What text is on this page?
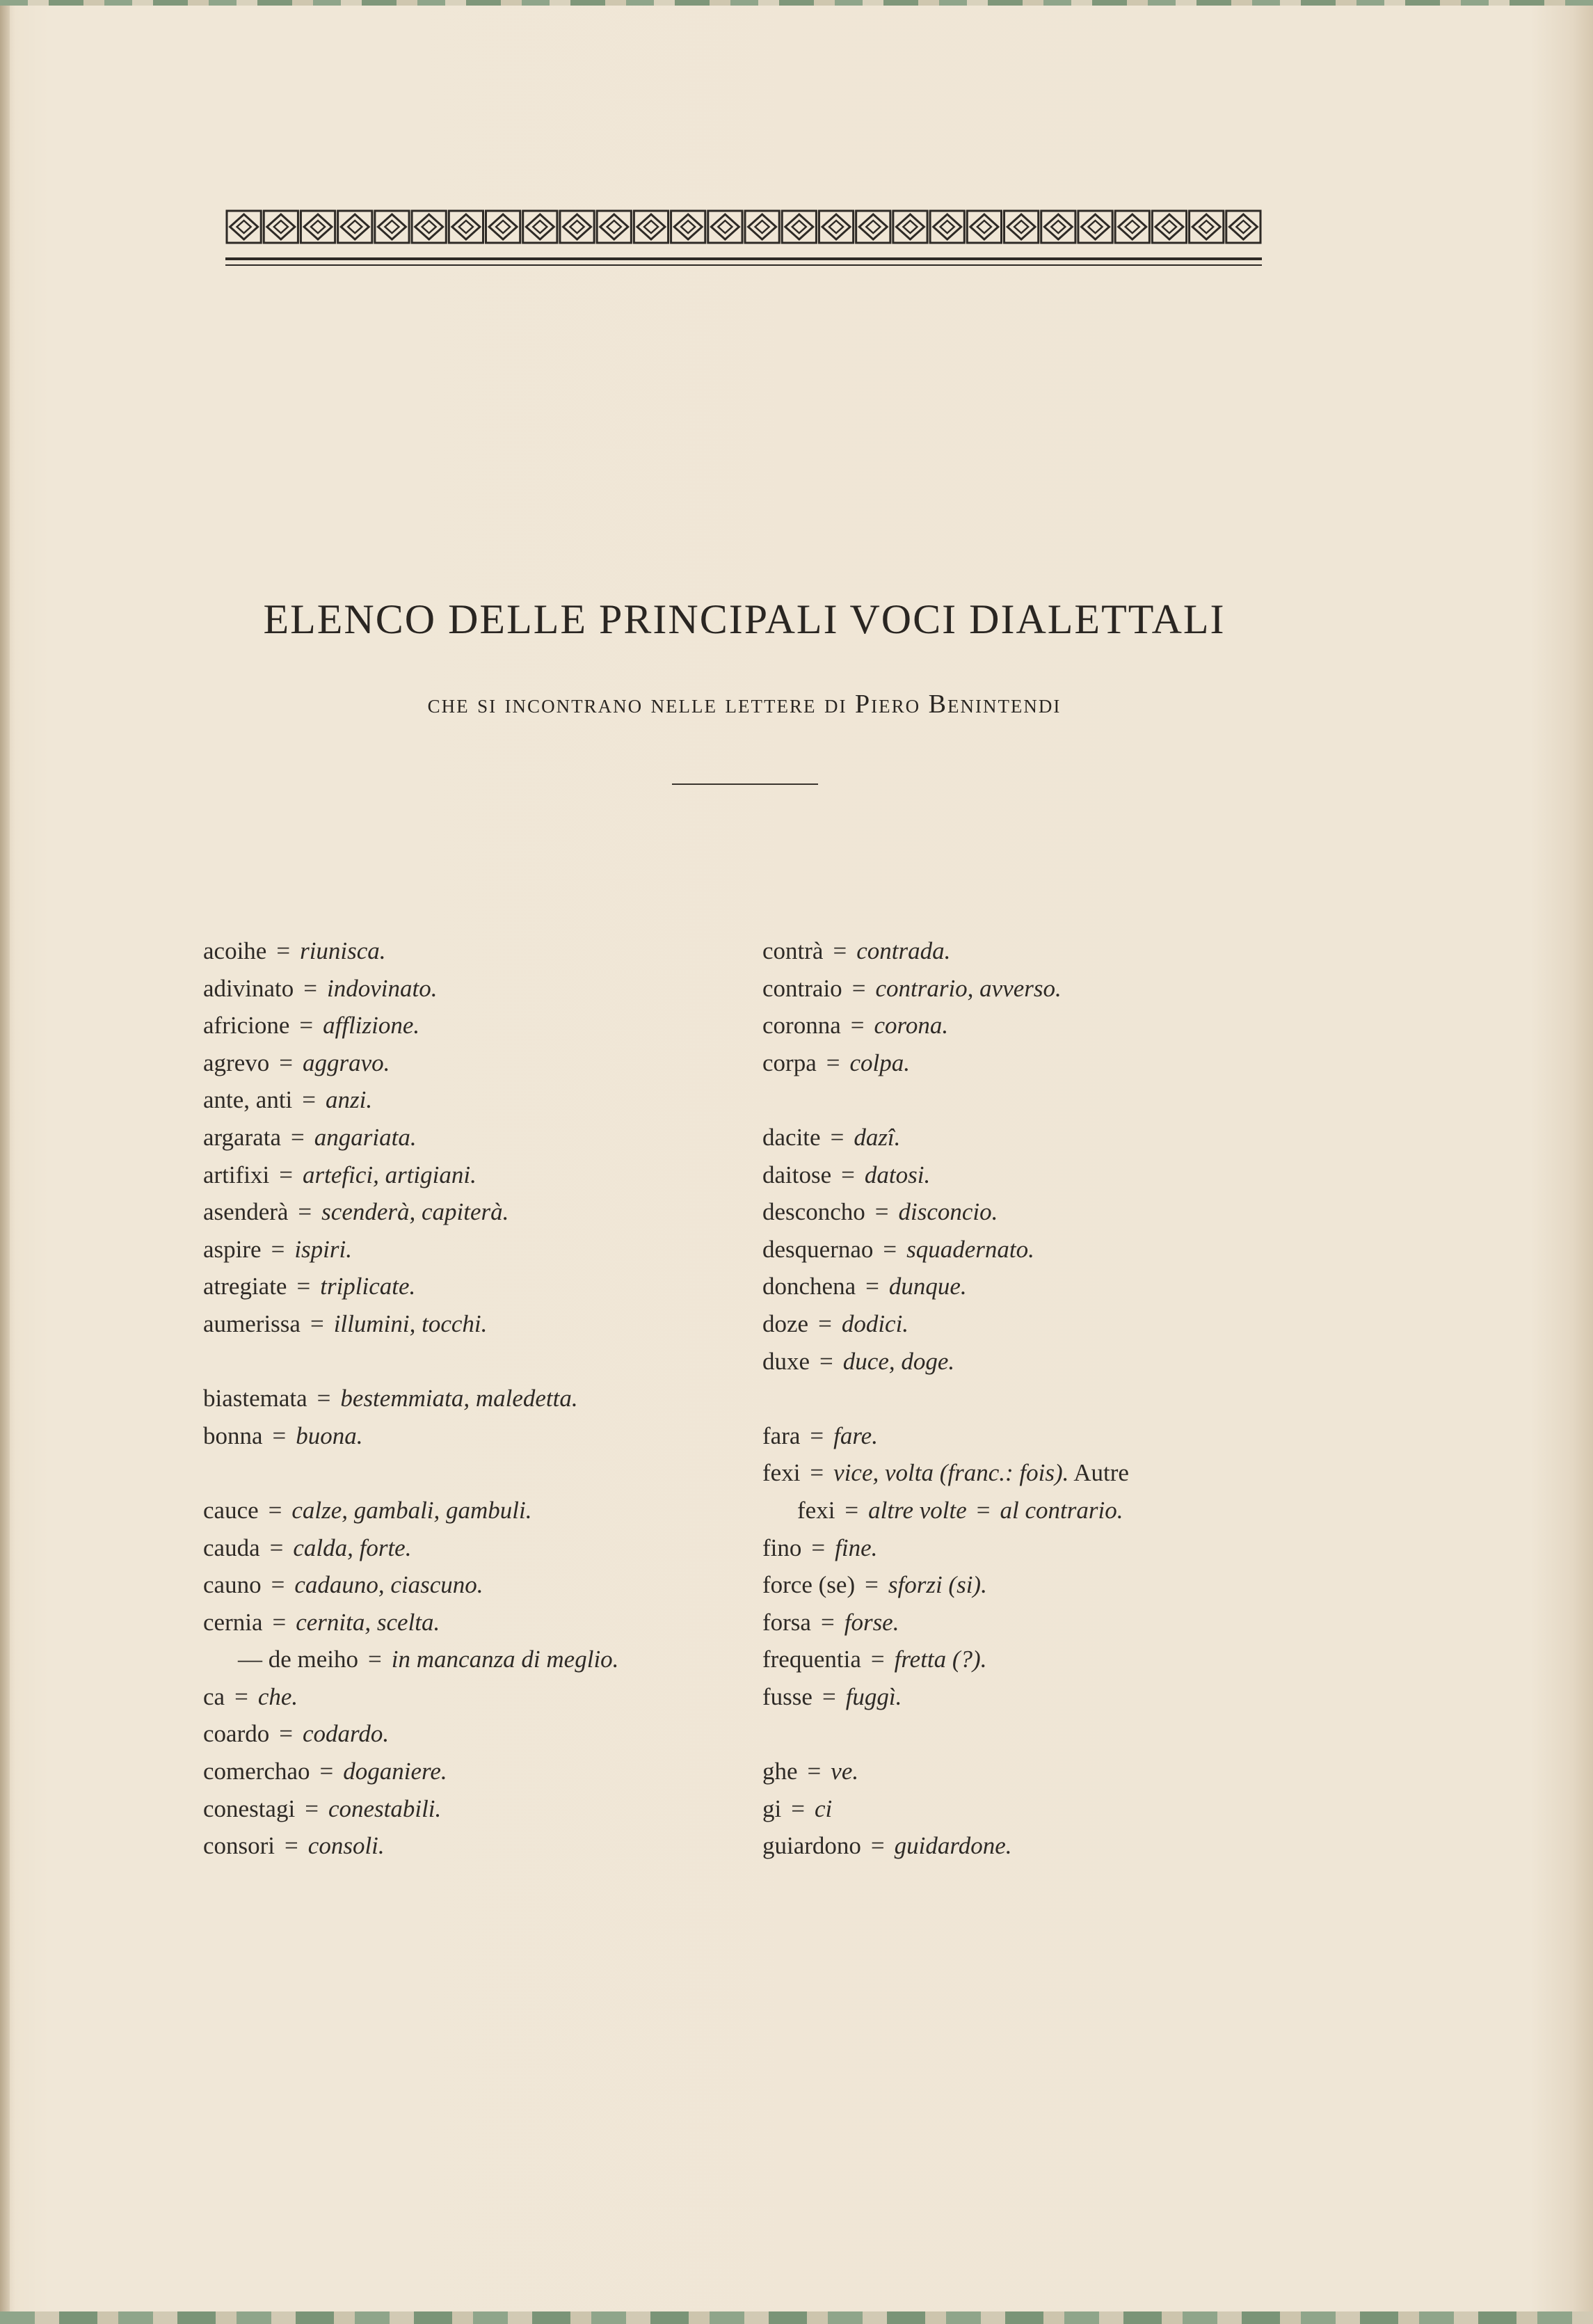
ELENCO DELLE PRINCIPALI VOCI DIALETTALI
che si incontrano nelle lettere di Piero Benintendi
acoihe = riunisca.
adivinato = indovinato.
africione = afflizione.
agrevo = aggravo.
ante, anti = anzi.
argarata = angariata.
artifixi = artefici, artigiani.
asenderà = scenderà, capiterà.
aspire = ispiri.
atregiate = triplicate.
aumerissa = illumini, tocchi.
biastemata = bestemmiata, maledetta.
bonna = buona.
cauce = calze, gambali, gambuli.
cauda = calda, forte.
cauno = cadauno, ciascuno.
cernia = cernita, scelta.
— de meiho = in mancanza di meglio.
ca = che.
coardo = codardo.
comerchao = doganiere.
conestagi = conestabili.
consori = consoli.
contrà = contrada.
contraio = contrario, avverso.
coronna = corona.
corpa = colpa.
dacite = dazî.
daitose = datosi.
desconcho = disconcio.
desquernao = squadernato.
donchena = dunque.
doze = dodici.
duxe = duce, doge.
fara = fare.
fexi = vice, volta (franc.: fois). Autre
fexi = altre volte = al contrario.
fino = fine.
force (se) = sforzi (si).
forsa = forse.
frequentia = fretta (?).
fusse = fuggì.
ghe = ve.
gi = ci
guiardono = guidardone.
